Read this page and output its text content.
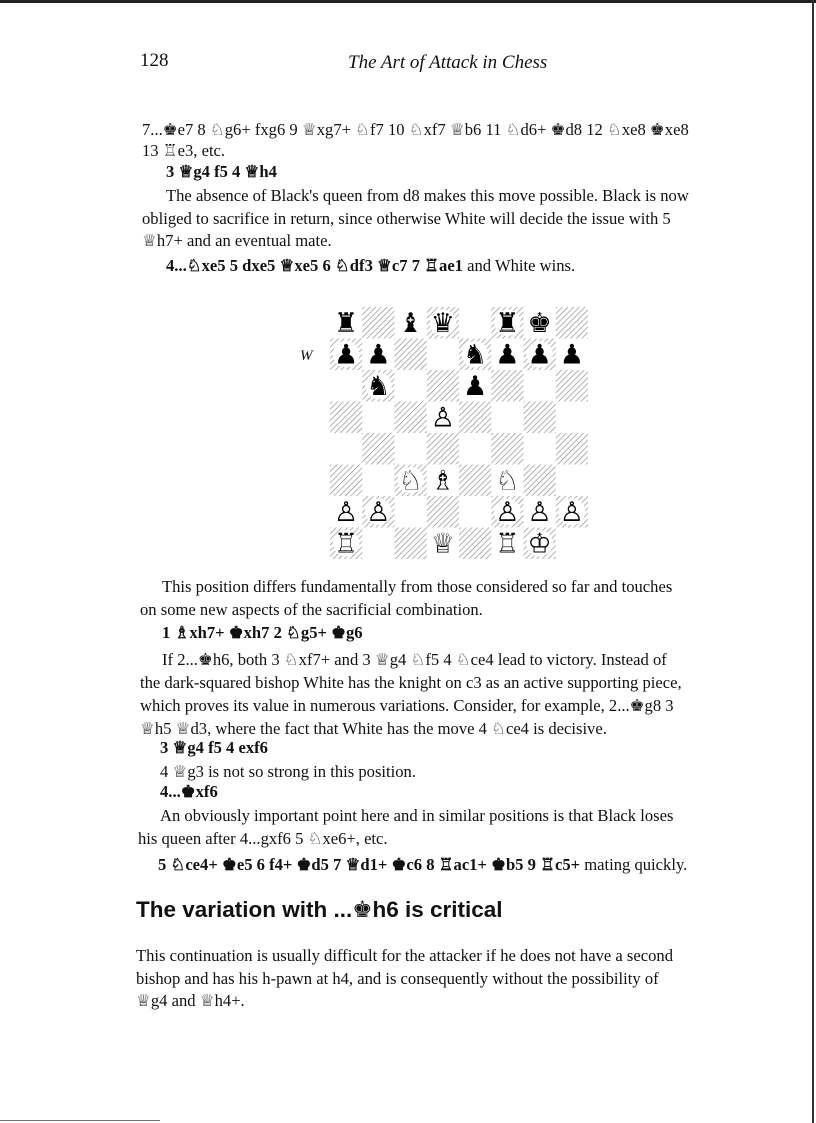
128	The Art of Attack in Chess

7...♚e7 8 ♘g6+ fxg6 9 ♕xg7+ ♘f7 10 ♘xf7 ♕b6 11 ♘d6+ ♚d8 12 ♘xe8 ♚xe8

13 ♖e3, etc.

3 ♕g4 f5 4 ♕h4

The absence of Black's queen from d8 makes this move possible. Black is now

obliged to sacrifice in return, since otherwise White will decide the issue with 5

♕h7+ and an eventual mate.

4...♘xe5 5 dxe5 ♕xe5 6 ♘df3 ♕c7 7 ♖ae1 and White wins.

W
♜ ♝ ♛ ♜ ♚
♟ ♟	♞ ♟ ♟ ♟
♞	♟
♙
♘ ♗ ♘
♙ ♙	♙ ♙ ♙
♖	♕ ♖ ♔

This position differs fundamentally from those considered so far and touches

on some new aspects of the sacrificial combination.

1 ♗xh7+ ♚xh7 2 ♘g5+ ♚g6

If 2...♚h6, both 3 ♘xf7+ and 3 ♕g4 ♘f5 4 ♘ce4 lead to victory. Instead of

the dark-squared bishop White has the knight on c3 as an active supporting piece,

which proves its value in numerous variations. Consider, for example, 2...♚g8 3

♕h5 ♕d3, where the fact that White has the move 4 ♘ce4 is decisive.

3 ♕g4 f5 4 exf6

4 ♕g3 is not so strong in this position.

4...♚xf6

An obviously important point here and in similar positions is that Black loses

his queen after 4...gxf6 5 ♘xe6+, etc.

5 ♘ce4+ ♚e5 6 f4+ ♚d5 7 ♕d1+ ♚c6 8 ♖ac1+ ♚b5 9 ♖c5+ mating quickly.

The variation with ...♚h6 is critical

This continuation is usually difficult for the attacker if he does not have a second

bishop and has his h-pawn at h4, and is consequently without the possibility of

♕g4 and ♕h4+.
